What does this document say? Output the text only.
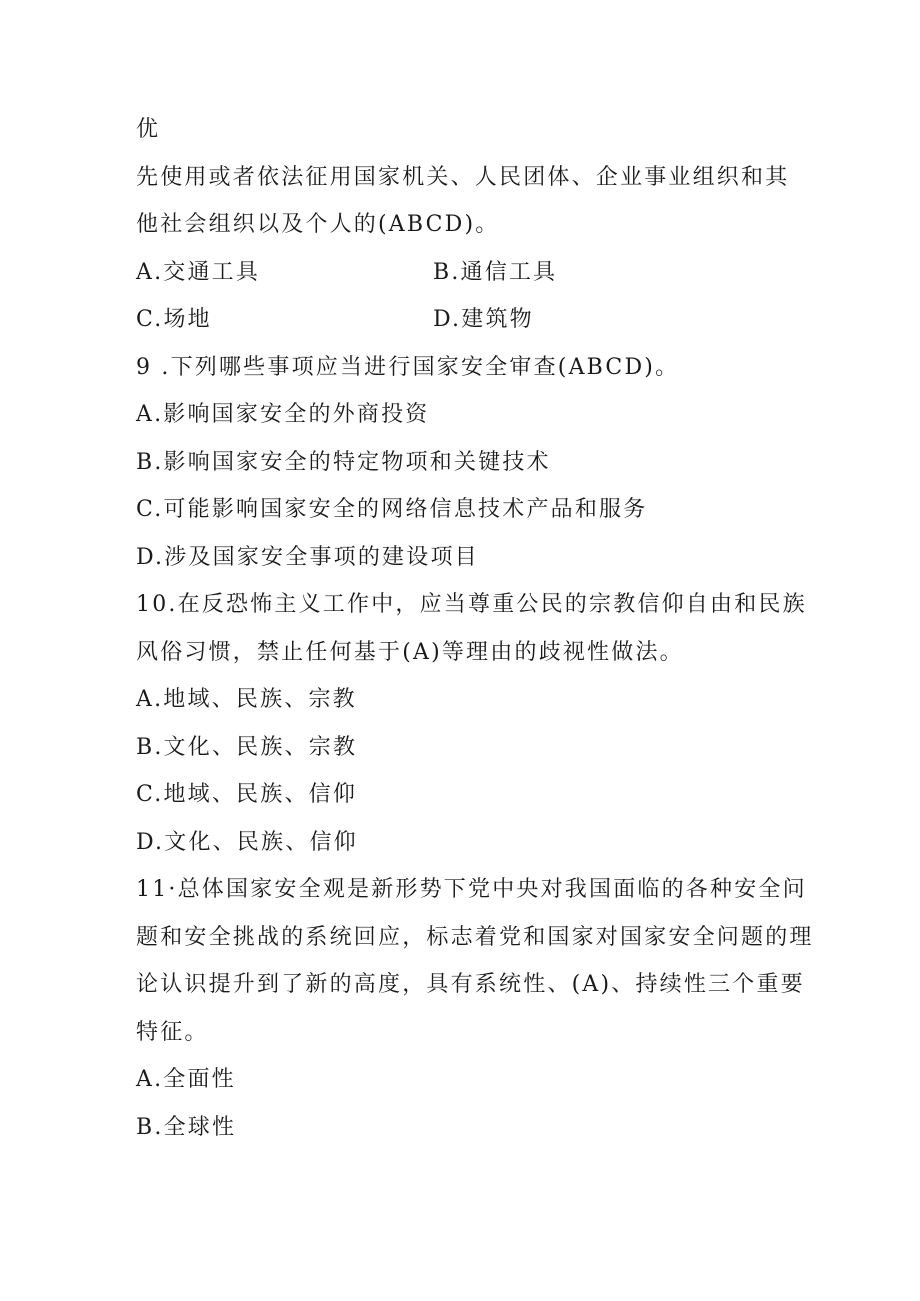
优
先使用或者依法征用国家机关、人民团体、企业事业组织和其
他社会组织以及个人的(ABCD)。
A.交通工具	B.通信工具
C.场地	D.建筑物
9 .下列哪些事项应当进行国家安全审查(ABCD)。
A.影响国家安全的外商投资
B.影响国家安全的特定物项和关键技术
C.可能影响国家安全的网络信息技术产品和服务
D.涉及国家安全事项的建设项目
10.在反恐怖主义工作中，应当尊重公民的宗教信仰自由和民族
风俗习惯，禁止任何基于(A)等理由的歧视性做法。
A.地域、民族、宗教
B.文化、民族、宗教
C.地域、民族、信仰
D.文化、民族、信仰
11·总体国家安全观是新形势下党中央对我国面临的各种安全问
题和安全挑战的系统回应，标志着党和国家对国家安全问题的理
论认识提升到了新的高度，具有系统性、(A)、持续性三个重要
特征。
A.全面性
B.全球性
